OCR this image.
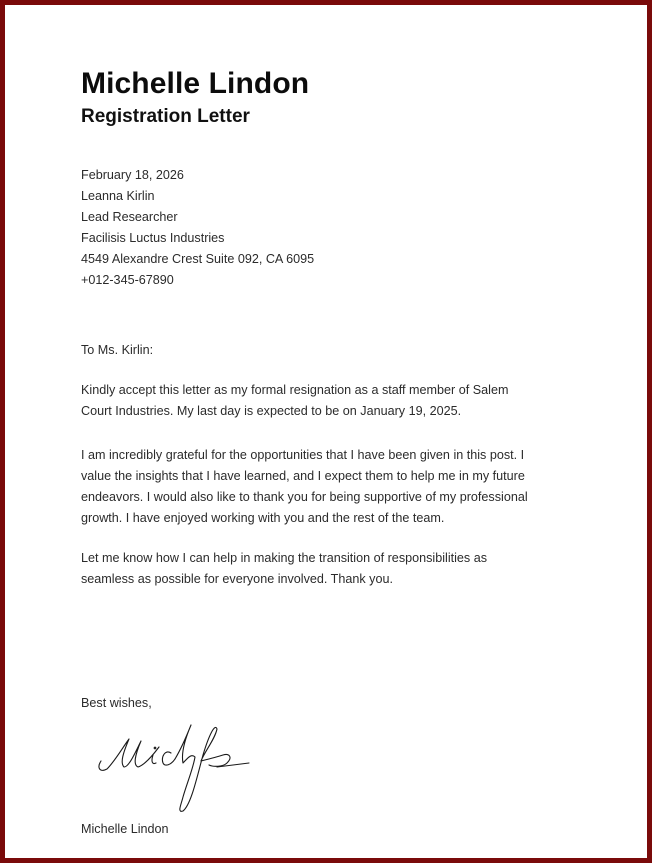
Michelle Lindon
Registration Letter
February 18, 2026
Leanna Kirlin
Lead Researcher
Facilisis Luctus Industries
4549 Alexandre Crest Suite 092, CA 6095
+012-345-67890
To Ms. Kirlin:
Kindly accept this letter as my formal resignation as a staff member of Salem
Court Industries. My last day is expected to be on January 19, 2025.
I am incredibly grateful for the opportunities that I have been given in this post. I
value the insights that I have learned, and I expect them to help me in my future
endeavors. I would also like to thank you for being supportive of my professional
growth. I have enjoyed working with you and the rest of the team.
Let me know how I can help in making the transition of responsibilities as
seamless as possible for everyone involved. Thank you.
Best wishes,
Michelle Lindon
